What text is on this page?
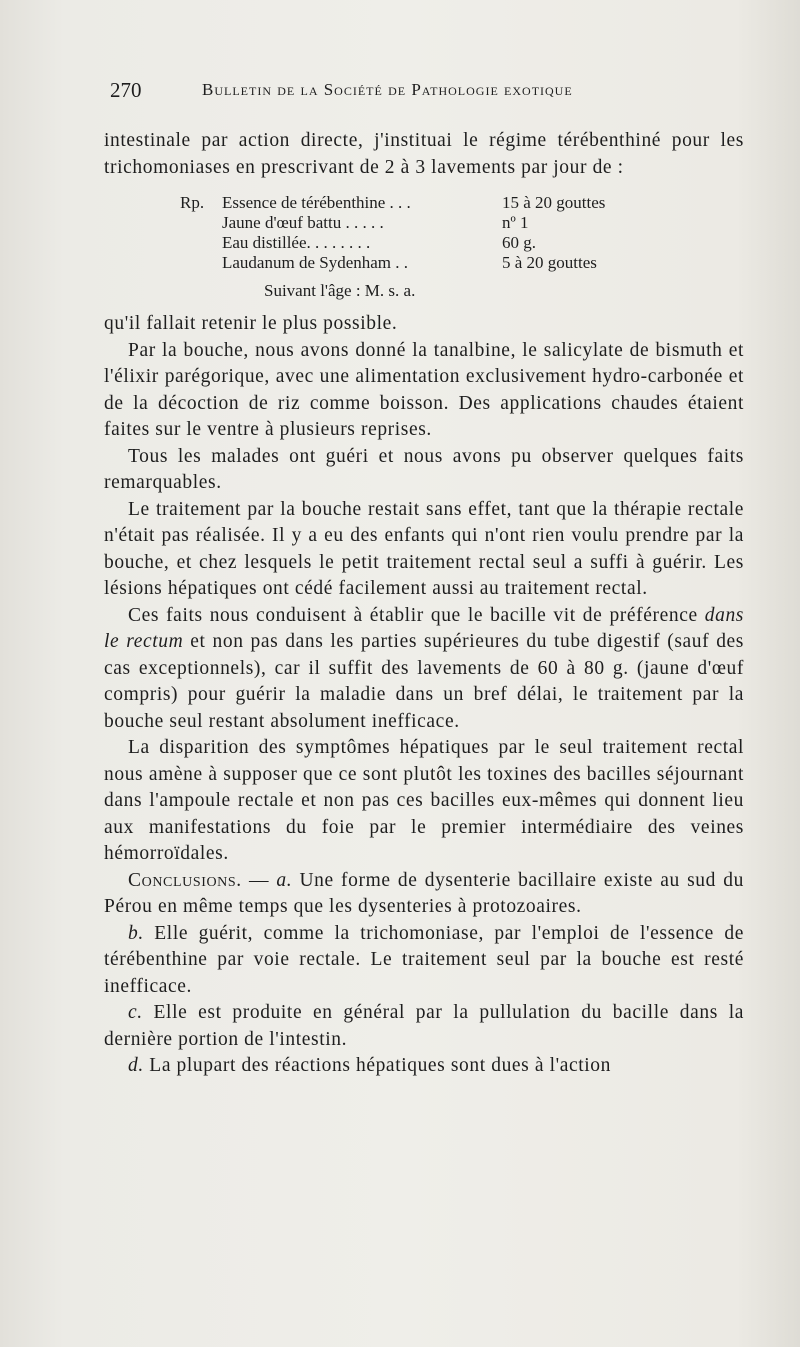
270	Bulletin de la Société de Pathologie exotique

intestinale par action directe, j'instituai le régime térébenthiné pour les trichomoniases en prescrivant de 2 à 3 lavements par jour de :

Rp.	Essence de térébenthine . . .	15 à 20 gouttes
Jaune d'œuf battu . . . . .	nº 1
Eau distillée. . . . . . . .	60 g.
Laudanum de Sydenham . .	5 à 20 gouttes
Suivant l'âge : M. s. a.

qu'il fallait retenir le plus possible.

Par la bouche, nous avons donné la tanalbine, le salicylate de bismuth et l'élixir parégorique, avec une alimentation exclusivement hydro-carbonée et de la décoction de riz comme boisson. Des applications chaudes étaient faites sur le ventre à plusieurs reprises.

Tous les malades ont guéri et nous avons pu observer quelques faits remarquables.

Le traitement par la bouche restait sans effet, tant que la thérapie rectale n'était pas réalisée. Il y a eu des enfants qui n'ont rien voulu prendre par la bouche, et chez lesquels le petit traitement rectal seul a suffi à guérir. Les lésions hépatiques ont cédé facilement aussi au traitement rectal.

Ces faits nous conduisent à établir que le bacille vit de préférence dans le rectum et non pas dans les parties supérieures du tube digestif (sauf des cas exceptionnels), car il suffit des lavements de 60 à 80 g. (jaune d'œuf compris) pour guérir la maladie dans un bref délai, le traitement par la bouche seul restant absolument inefficace.

La disparition des symptômes hépatiques par le seul traitement rectal nous amène à supposer que ce sont plutôt les toxines des bacilles séjournant dans l'ampoule rectale et non pas ces bacilles eux-mêmes qui donnent lieu aux manifestations du foie par le premier intermédiaire des veines hémorroïdales.

Conclusions. — a. Une forme de dysenterie bacillaire existe au sud du Pérou en même temps que les dysenteries à protozoaires.

b. Elle guérit, comme la trichomoniase, par l'emploi de l'essence de térébenthine par voie rectale. Le traitement seul par la bouche est resté inefficace.

c. Elle est produite en général par la pullulation du bacille dans la dernière portion de l'intestin.

d. La plupart des réactions hépatiques sont dues à l'action
